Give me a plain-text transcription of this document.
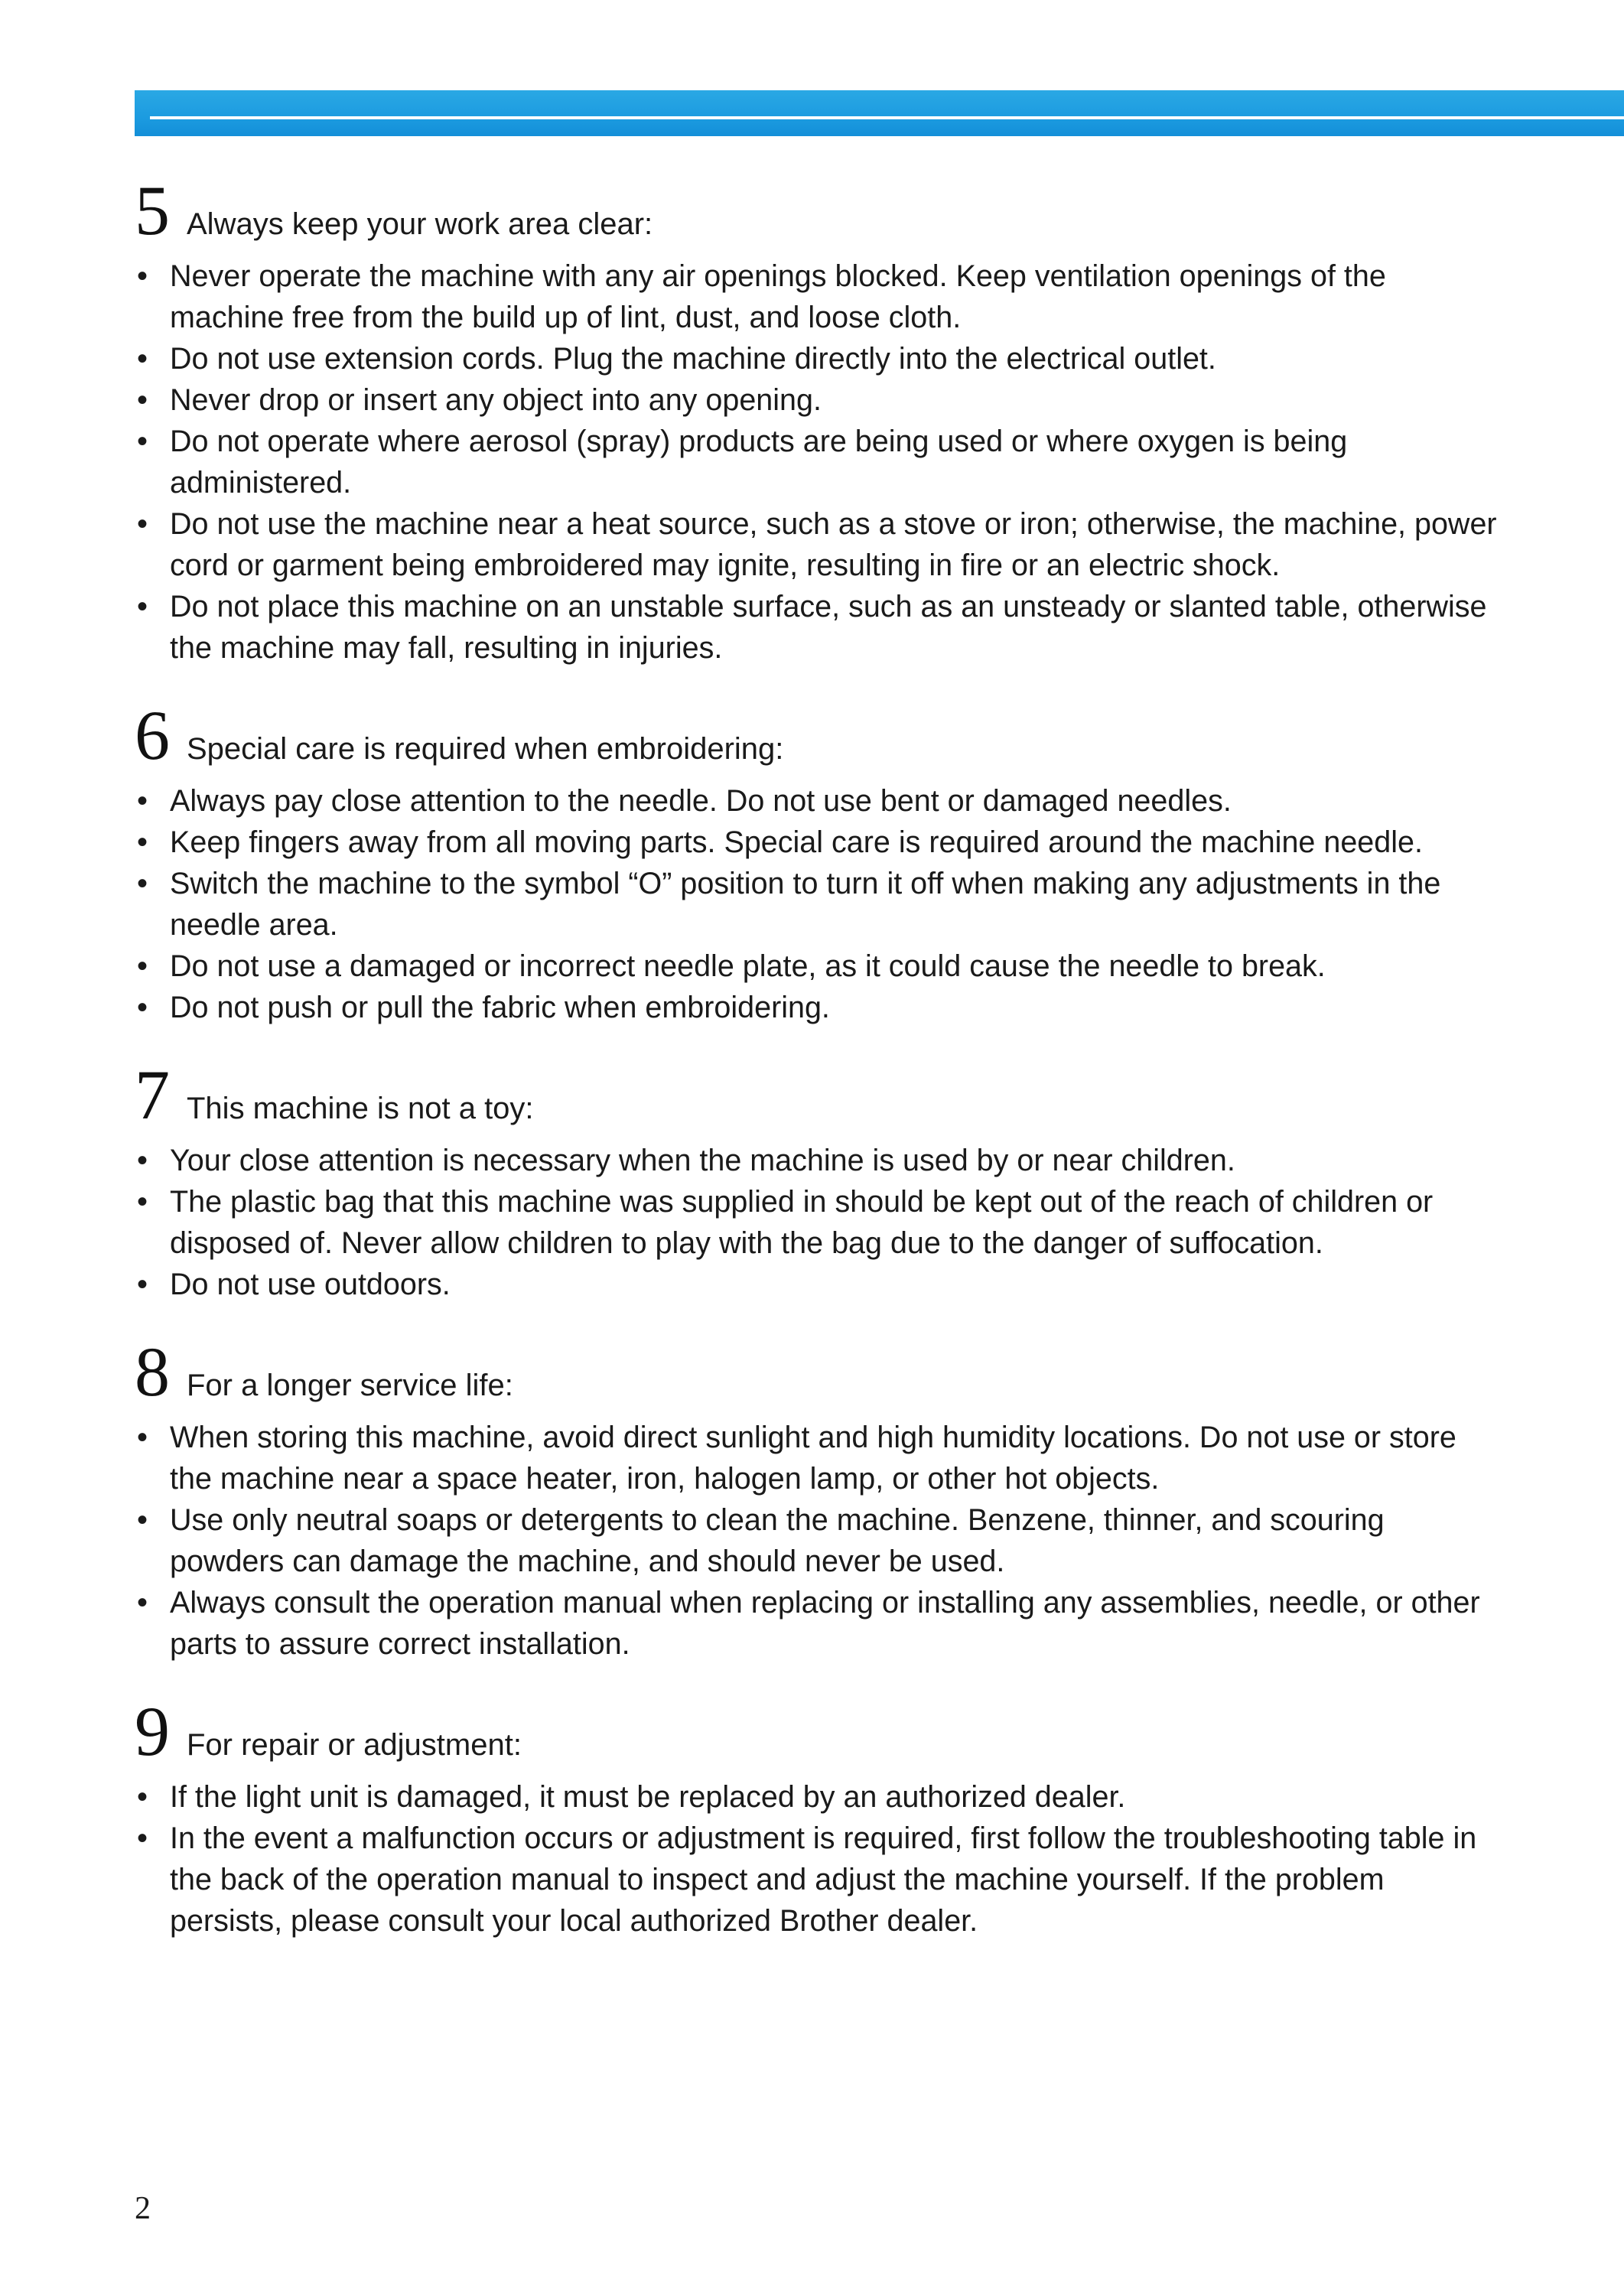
5 Always keep your work area clear:
• Never operate the machine with any air openings blocked. Keep ventilation openings of the machine free from the build up of lint, dust, and loose cloth.
• Do not use extension cords. Plug the machine directly into the electrical outlet.
• Never drop or insert any object into any opening.
• Do not operate where aerosol (spray) products are being used or where oxygen is being administered.
• Do not use the machine near a heat source, such as a stove or iron; otherwise, the machine, power cord or garment being embroidered may ignite, resulting in fire or an electric shock.
• Do not place this machine on an unstable surface, such as an unsteady or slanted table, otherwise the machine may fall, resulting in injuries.
6 Special care is required when embroidering:
• Always pay close attention to the needle. Do not use bent or damaged needles.
• Keep fingers away from all moving parts. Special care is required around the machine needle.
• Switch the machine to the symbol “O” position to turn it off when making any adjustments in the needle area.
• Do not use a damaged or incorrect needle plate, as it could cause the needle to break.
• Do not push or pull the fabric when embroidering.
7 This machine is not a toy:
• Your close attention is necessary when the machine is used by or near children.
• The plastic bag that this machine was supplied in should be kept out of the reach of children or disposed of. Never allow children to play with the bag due to the danger of suffocation.
• Do not use outdoors.
8 For a longer service life:
• When storing this machine, avoid direct sunlight and high humidity locations. Do not use or store the machine near a space heater, iron, halogen lamp, or other hot objects.
• Use only neutral soaps or detergents to clean the machine. Benzene, thinner, and scouring powders can damage the machine, and should never be used.
• Always consult the operation manual when replacing or installing any assemblies, needle, or other parts to assure correct installation.
9 For repair or adjustment:
• If the light unit is damaged, it must be replaced by an authorized dealer.
• In the event a malfunction occurs or adjustment is required, first follow the troubleshooting table in the back of the operation manual to inspect and adjust the machine yourself. If the problem persists, please consult your local authorized Brother dealer.
2
